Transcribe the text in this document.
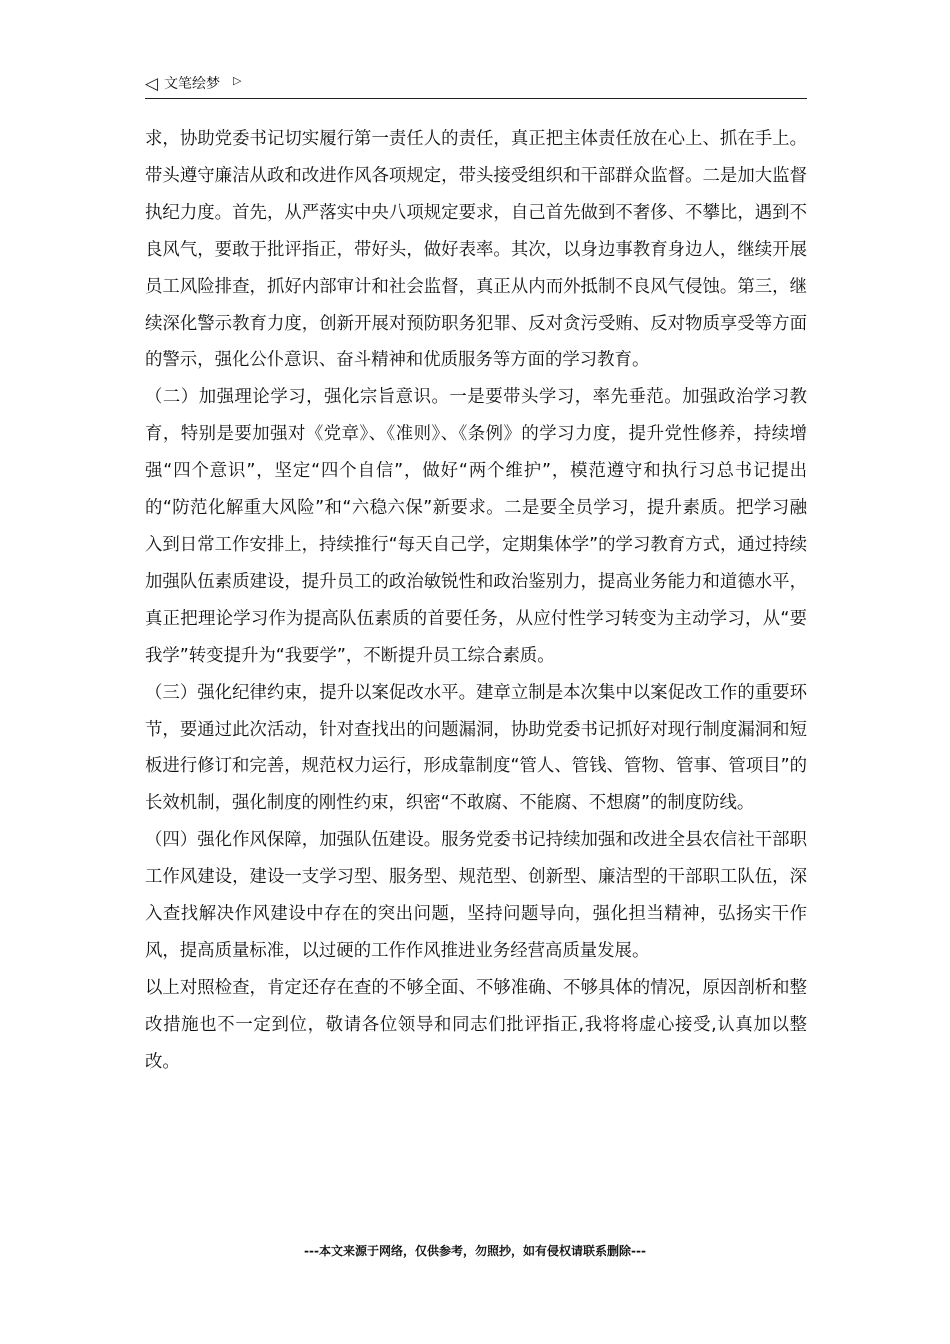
◁ 文笔绘梦 ▷

求，协助党委书记切实履行第一责任人的责任，真正把主体责任放在心上、抓在手上。带头遵守廉洁从政和改进作风各项规定，带头接受组织和干部群众监督。二是加大监督执纪力度。首先，从严落实中央八项规定要求，自己首先做到不奢侈、不攀比，遇到不良风气，要敢于批评指正，带好头，做好表率。其次，以身边事教育身边人，继续开展员工风险排查，抓好内部审计和社会监督，真正从内而外抵制不良风气侵蚀。第三，继续深化警示教育力度，创新开展对预防职务犯罪、反对贪污受贿、反对物质享受等方面的警示，强化公仆意识、奋斗精神和优质服务等方面的学习教育。

（二）加强理论学习，强化宗旨意识。一是要带头学习，率先垂范。加强政治学习教育，特别是要加强对《党章》、《准则》、《条例》的学习力度，提升党性修养，持续增强“四个意识”，坚定“四个自信”，做好“两个维护”，模范遵守和执行习总书记提出的“防范化解重大风险”和“六稳六保”新要求。二是要全员学习，提升素质。把学习融入到日常工作安排上，持续推行“每天自己学，定期集体学”的学习教育方式，通过持续加强队伍素质建设，提升员工的政治敏锐性和政治鉴别力，提高业务能力和道德水平，真正把理论学习作为提高队伍素质的首要任务，从应付性学习转变为主动学习，从“要我学”转变提升为“我要学”，不断提升员工综合素质。

（三）强化纪律约束，提升以案促改水平。建章立制是本次集中以案促改工作的重要环节，要通过此次活动，针对查找出的问题漏洞，协助党委书记抓好对现行制度漏洞和短板进行修订和完善，规范权力运行，形成靠制度“管人、管钱、管物、管事、管项目”的长效机制，强化制度的刚性约束，织密“不敢腐、不能腐、不想腐”的制度防线。

（四）强化作风保障，加强队伍建设。服务党委书记持续加强和改进全县农信社干部职工作风建设，建设一支学习型、服务型、规范型、创新型、廉洁型的干部职工队伍，深入查找解决作风建设中存在的突出问题，坚持问题导向，强化担当精神，弘扬实干作风，提高质量标准，以过硬的工作作风推进业务经营高质量发展。

以上对照检查，肯定还存在查的不够全面、不够准确、不够具体的情况，原因剖析和整改措施也不一定到位，敬请各位领导和同志们批评指正,我将将虚心接受,认真加以整改。

---本文来源于网络，仅供参考，勿照抄，如有侵权请联系删除---
